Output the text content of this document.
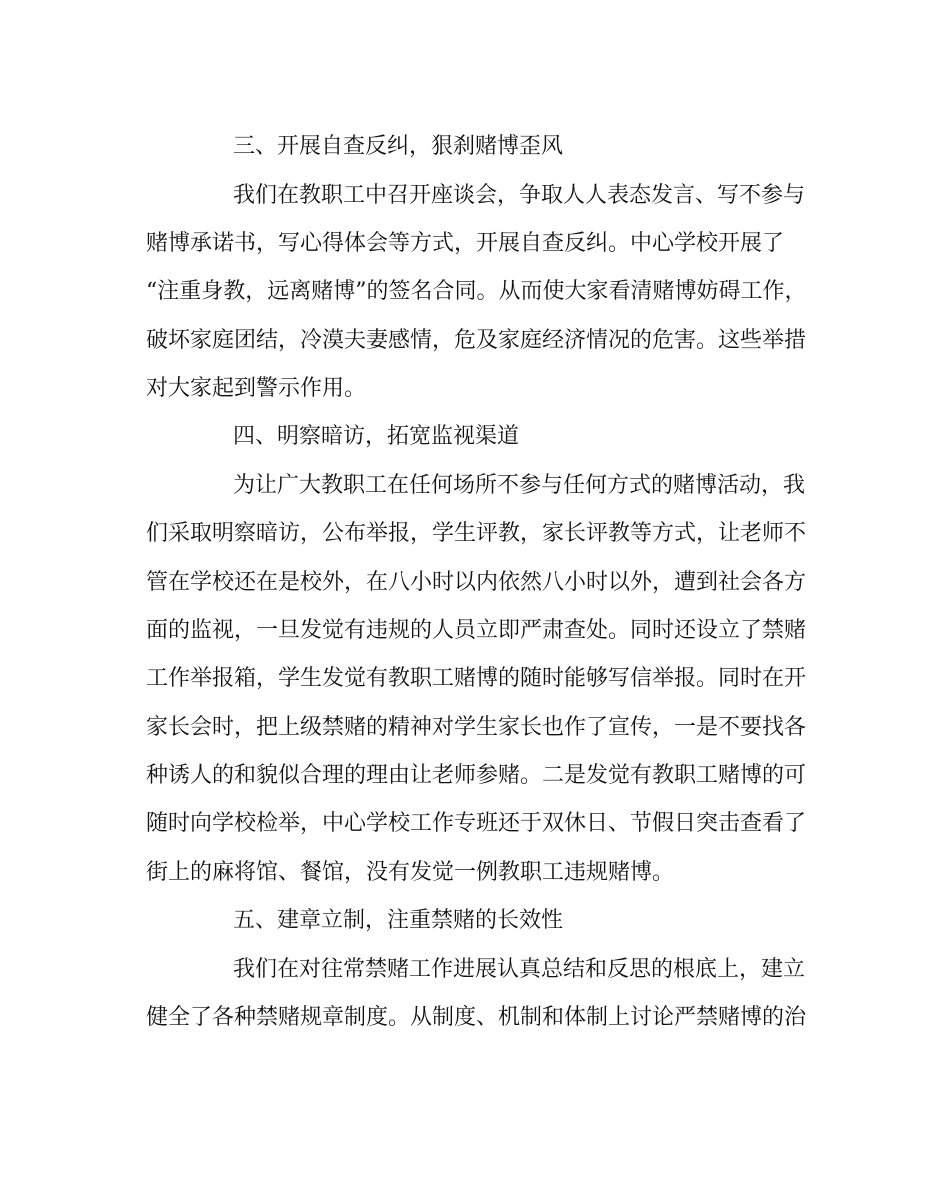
三、开展自查反纠，狠刹赌博歪风
我们在教职工中召开座谈会，争取人人表态发言、写不参与
赌博承诺书，写心得体会等方式，开展自查反纠。中心学校开展了
“注重身教，远离赌博”的签名合同。从而使大家看清赌博妨碍工作，
破坏家庭团结，冷漠夫妻感情，危及家庭经济情况的危害。这些举措
对大家起到警示作用。
四、明察暗访，拓宽监视渠道
为让广大教职工在任何场所不参与任何方式的赌博活动，我
们采取明察暗访，公布举报，学生评教，家长评教等方式，让老师不
管在学校还在是校外，在八小时以内依然八小时以外，遭到社会各方
面的监视，一旦发觉有违规的人员立即严肃查处。同时还设立了禁赌
工作举报箱，学生发觉有教职工赌博的随时能够写信举报。同时在开
家长会时，把上级禁赌的精神对学生家长也作了宣传，一是不要找各
种诱人的和貌似合理的理由让老师参赌。二是发觉有教职工赌博的可
随时向学校检举，中心学校工作专班还于双休日、节假日突击查看了
街上的麻将馆、餐馆，没有发觉一例教职工违规赌博。
五、建章立制，注重禁赌的长效性
我们在对往常禁赌工作进展认真总结和反思的根底上，建立
健全了各种禁赌规章制度。从制度、机制和体制上讨论严禁赌博的治
